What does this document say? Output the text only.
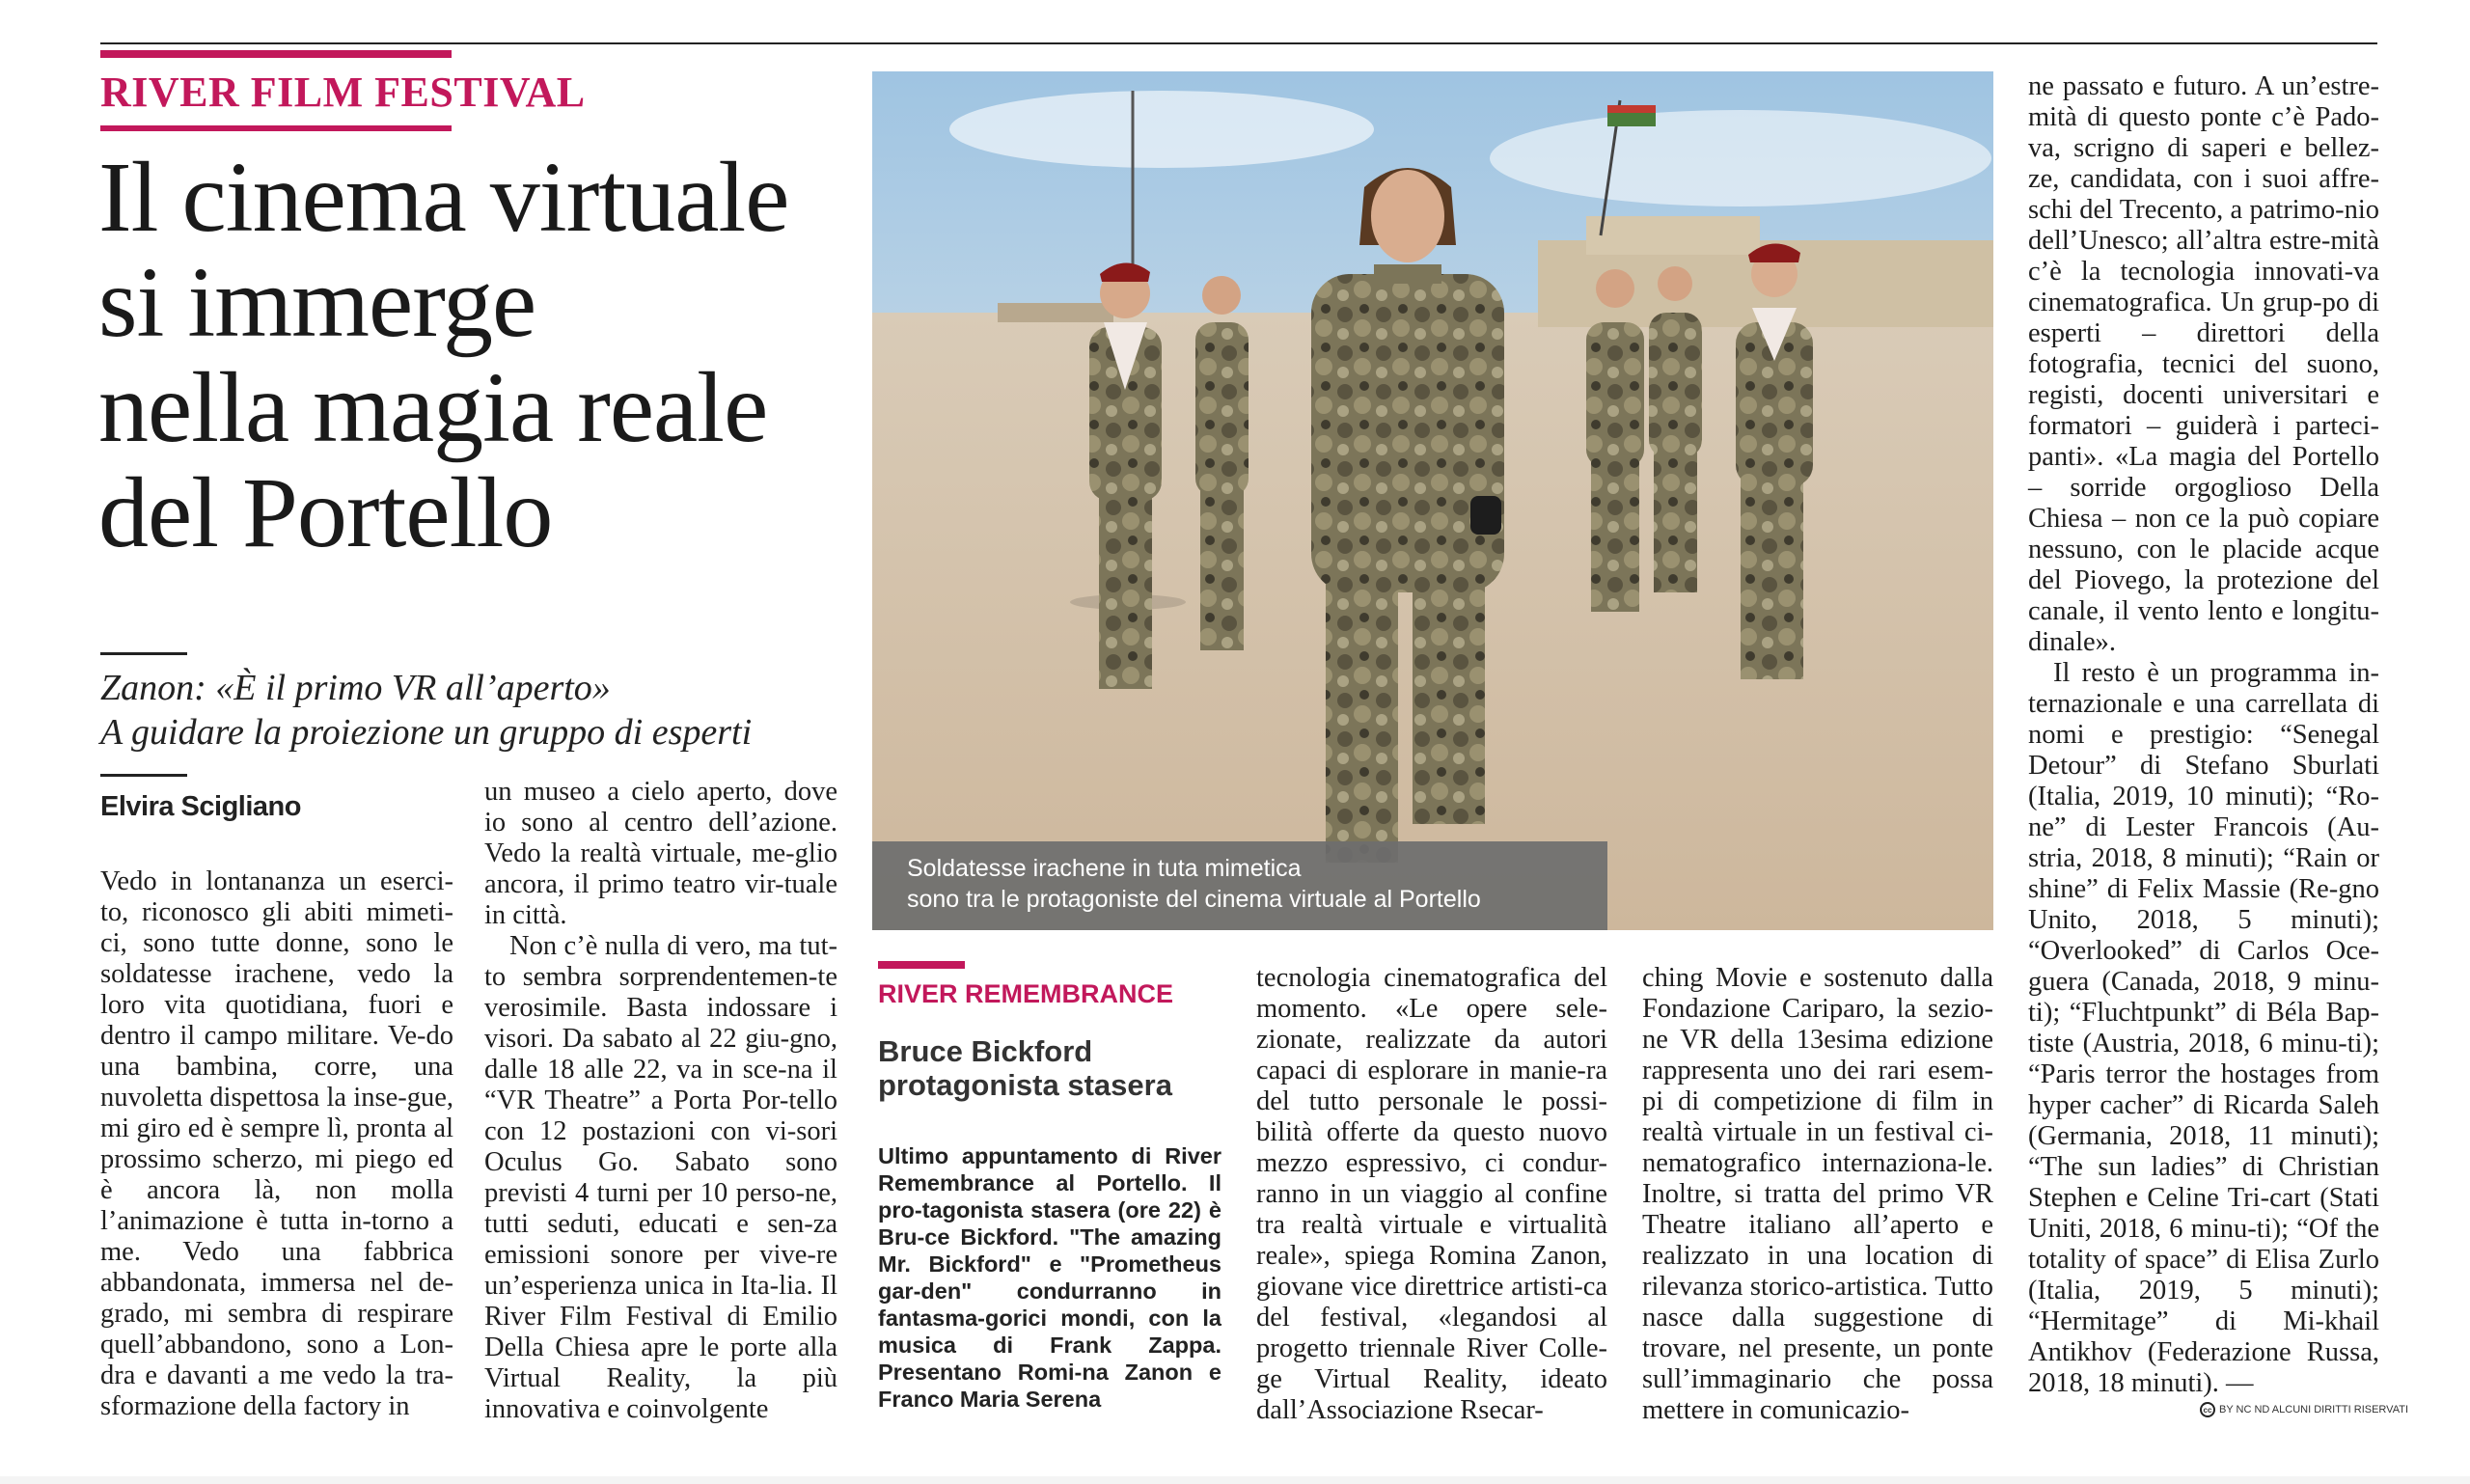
RIVER FILM FESTIVAL
Il cinema virtuale
si immerge
nella magia reale
del Portello
Zanon: «È il primo VR all’aperto»
A guidare la proiezione un gruppo di esperti
Elvira Scigliano

Vedo in lontananza un eserci-to, riconosco gli abiti mimeti-ci, sono tutte donne, sono le soldatesse irachene, vedo la loro vita quotidiana, fuori e dentro il campo militare. Ve-do una bambina, corre, una nuvoletta dispettosa la inse-gue, mi giro ed è sempre lì, pronta al prossimo scherzo, mi piego ed è ancora là, non molla l’animazione è tutta in-torno a me. Vedo una fabbrica abbandonata, immersa nel de-grado, mi sembra di respirare quell’abbandono, sono a Lon-dra e davanti a me vedo la tra-sformazione della factory in

un museo a cielo aperto, dove io sono al centro dell’azione. Vedo la realtà virtuale, me-glio ancora, il primo teatro vir-tuale in città.

Non c’è nulla di vero, ma tut-to sembra sorprendentemen-te verosimile. Basta indossare i visori. Da sabato al 22 giu-gno, dalle 18 alle 22, va in sce-na il “VR Theatre” a Porta Por-tello con 12 postazioni con vi-sori Oculus Go. Sabato sono previsti 4 turni per 10 perso-ne, tutti seduti, educati e sen-za emissioni sonore per vive-re un’esperienza unica in Ita-lia. Il River Film Festival di Emilio Della Chiesa apre le porte alla Virtual Reality, la più innovativa e coinvolgente

Soldatesse irachene in tuta mimetica
sono tra le protagoniste del cinema virtuale al Portello
RIVER REMEMBRANCE
Bruce Bickford
protagonista stasera

Ultimo appuntamento di River Remembrance al Portello. Il pro-tagonista stasera (ore 22) è Bru-ce Bickford. "The amazing Mr. Bickford" e "Prometheus gar-den" condurranno in fantasma-gorici mondi, con la musica di Frank Zappa. Presentano Romi-na Zanon e Franco Maria Serena

tecnologia cinematografica del momento. «Le opere sele-zionate, realizzate da autori capaci di esplorare in manie-ra del tutto personale le possi-bilità offerte da questo nuovo mezzo espressivo, ci condur-ranno in un viaggio al confine tra realtà virtuale e virtualità reale», spiega Romina Zanon, giovane vice direttrice artisti-ca del festival, «legandosi al progetto triennale River Colle-ge Virtual Reality, ideato dall’Associazione Rsecar-

ching Movie e sostenuto dalla Fondazione Cariparo, la sezio-ne VR della 13esima edizione rappresenta uno dei rari esem-pi di competizione di film in realtà virtuale in un festival ci-nematografico internaziona-le. Inoltre, si tratta del primo VR Theatre italiano all’aperto e realizzato in una location di rilevanza storico-artistica. Tutto nasce dalla suggestione di trovare, nel presente, un ponte sull’immaginario che possa mettere in comunicazio-

ne passato e futuro. A un’estre-mità di questo ponte c’è Pado-va, scrigno di saperi e bellez-ze, candidata, con i suoi affre-schi del Trecento, a patrimo-nio dell’Unesco; all’altra estre-mità c’è la tecnologia innovati-va cinematografica. Un grup-po di esperti – direttori della fotografia, tecnici del suono, registi, docenti universitari e formatori – guiderà i parteci-panti». «La magia del Portello – sorride orgoglioso Della Chiesa – non ce la può copiare nessuno, con le placide acque del Piovego, la protezione del canale, il vento lento e longitu-dinale».

Il resto è un programma in-ternazionale e una carrellata di nomi e prestigio: “Senegal Detour” di Stefano Sburlati (Italia, 2019, 10 minuti); “Ro-ne” di Lester Francois (Au-stria, 2018, 8 minuti); “Rain or shine” di Felix Massie (Re-gno Unito, 2018, 5 minuti); “Overlooked” di Carlos Oce-guera (Canada, 2018, 9 minu-ti); “Fluchtpunkt” di Béla Bap-tiste (Austria, 2018, 6 minu-ti); “Paris terror the hostages from hyper cacher” di Ricarda Saleh (Germania, 2018, 11 minuti); “The sun ladies” di Christian Stephen e Celine Tri-cart (Stati Uniti, 2018, 6 minu-ti); “Of the totality of space” di Elisa Zurlo (Italia, 2019, 5 minuti); “Hermitage” di Mi-khail Antikhov (Federazione Russa, 2018, 18 minuti). —

cc BY NC ND ALCUNI DIRITTI RISERVATI
